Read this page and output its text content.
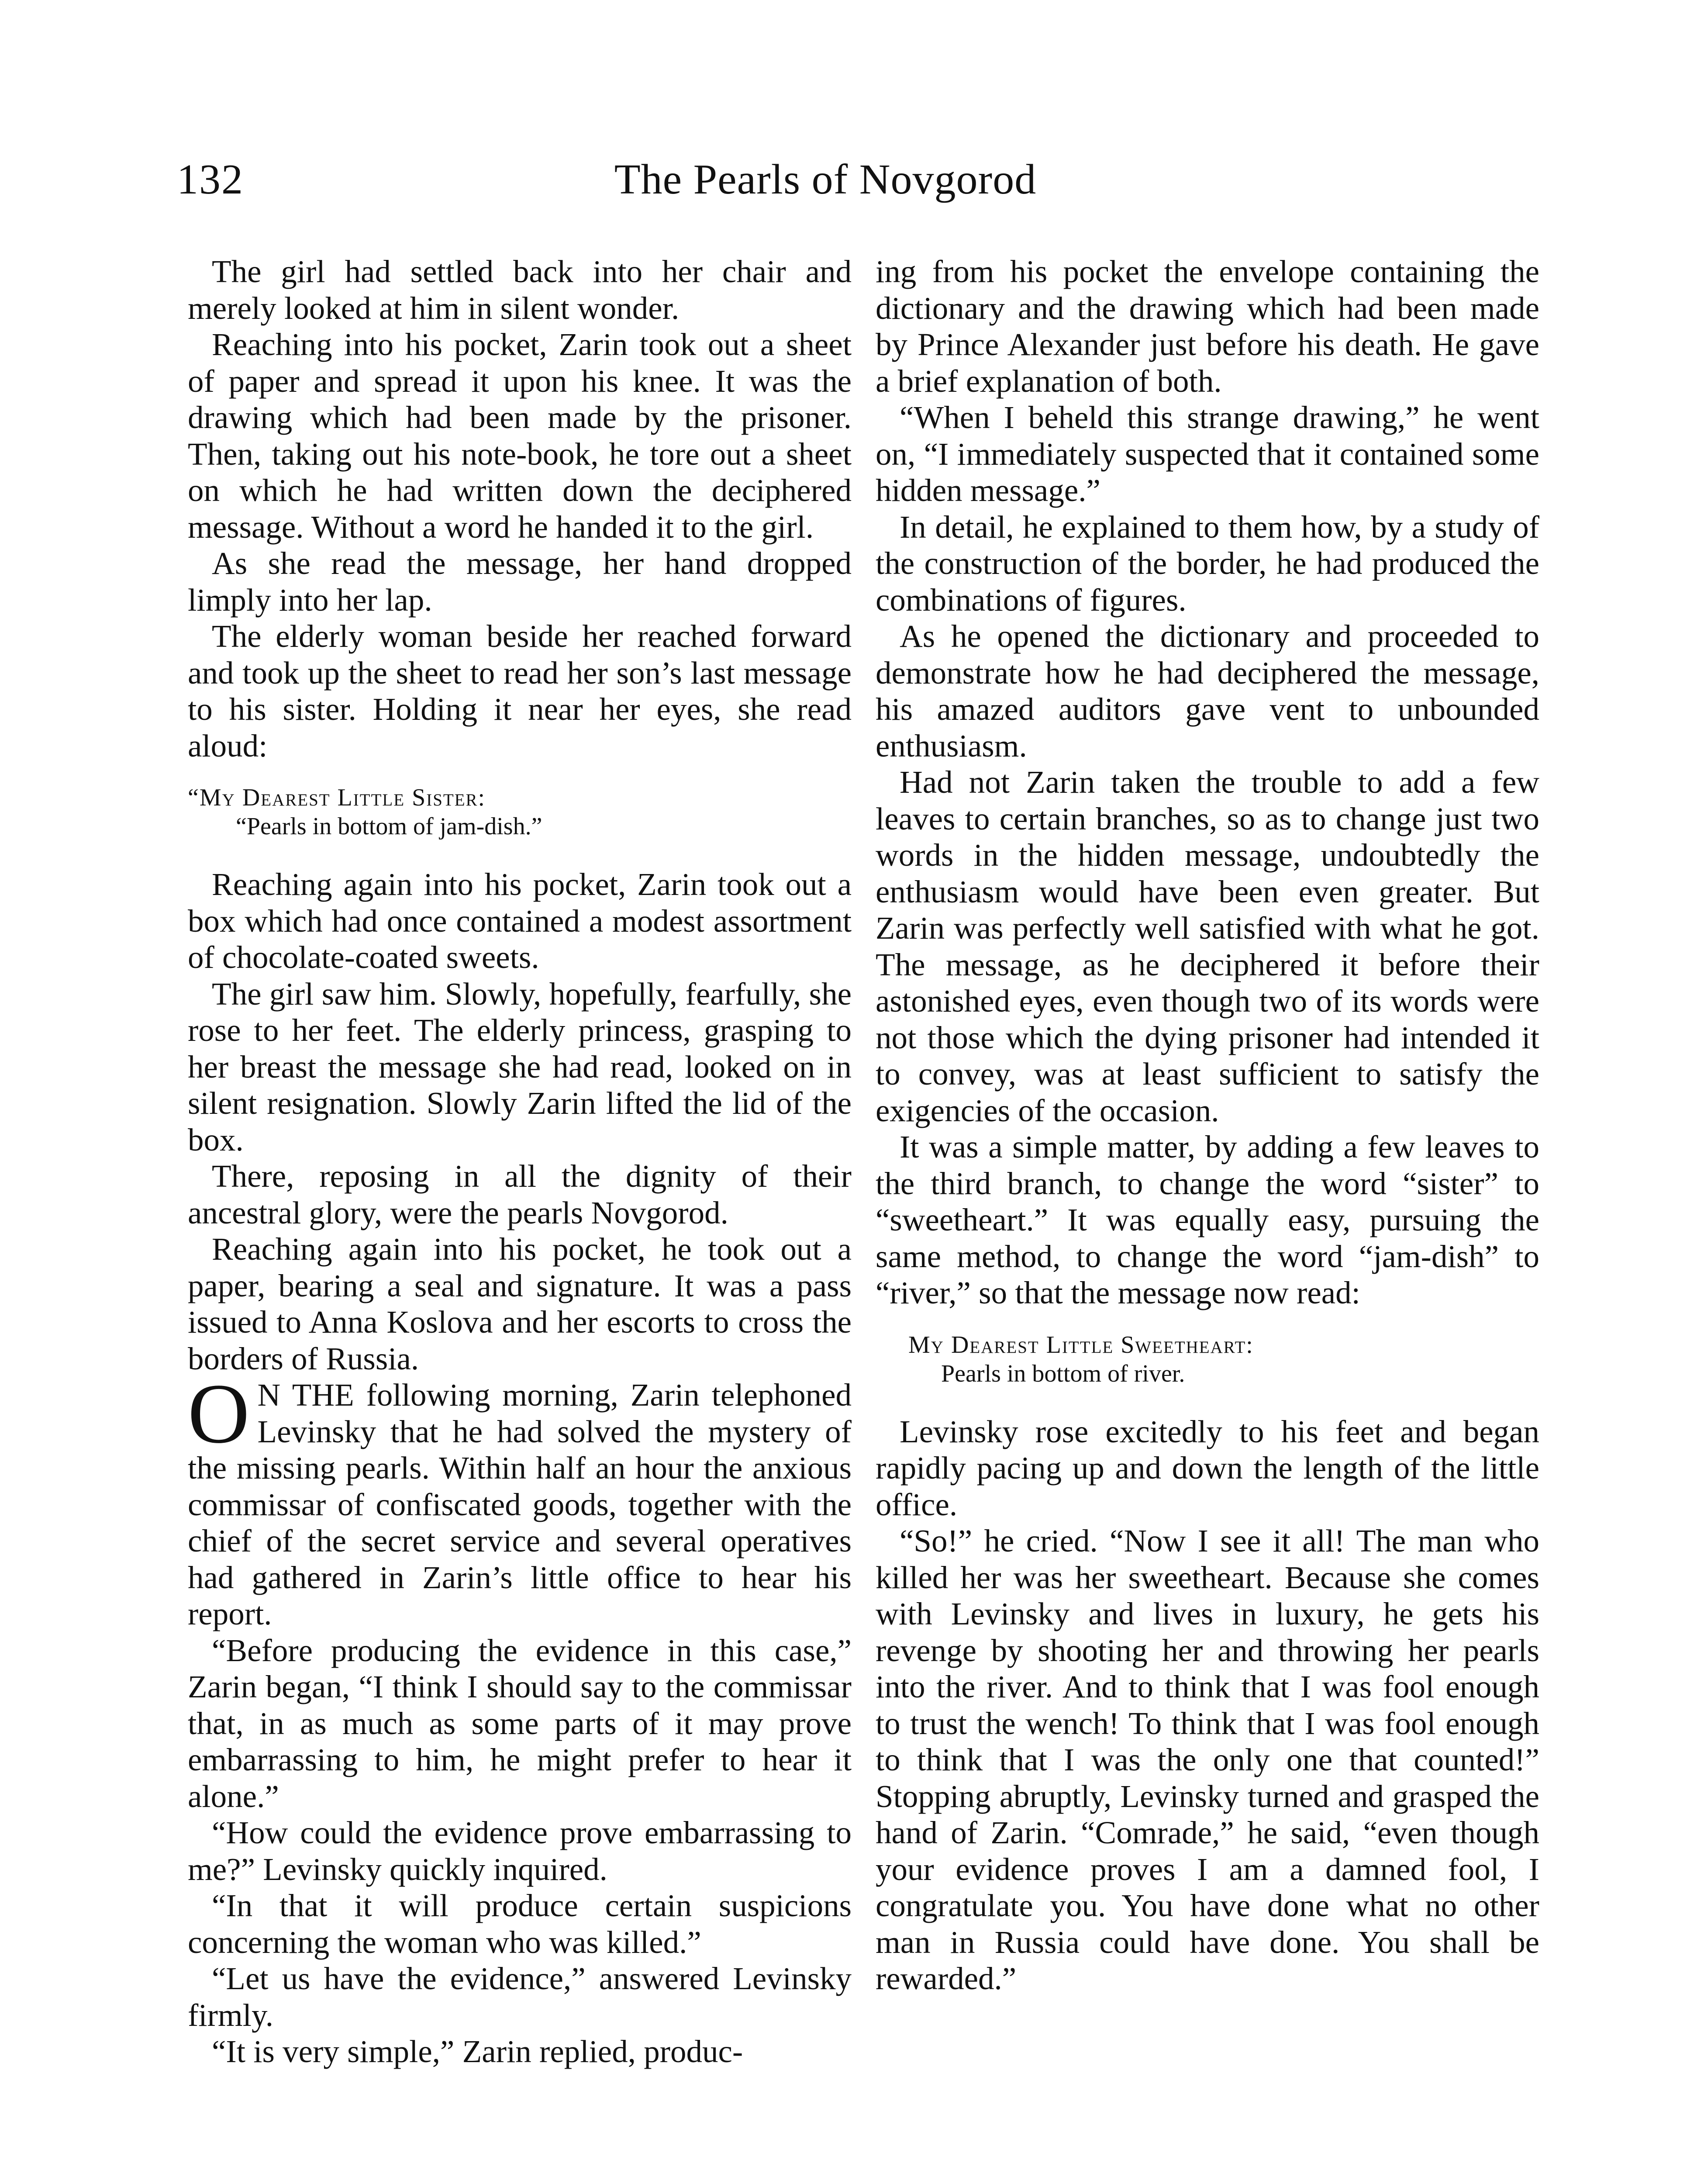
132	The Pearls of Novgorod

The girl had settled back into her chair and merely looked at him in silent wonder.

Reaching into his pocket, Zarin took out a sheet of paper and spread it upon his knee. It was the drawing which had been made by the prisoner. Then, taking out his note-book, he tore out a sheet on which he had written down the deciphered message. Without a word he handed it to the girl.

As she read the message, her hand dropped limply into her lap.

The elderly woman beside her reached forward and took up the sheet to read her son’s last message to his sister. Holding it near her eyes, she read aloud:

“My Dearest Little Sister:
“Pearls in bottom of jam-dish.”

Reaching again into his pocket, Zarin took out a box which had once contained a modest assortment of chocolate-coated sweets.

The girl saw him. Slowly, hopefully, fearfully, she rose to her feet. The elderly princess, grasping to her breast the message she had read, looked on in silent resignation. Slowly Zarin lifted the lid of the box.

There, reposing in all the dignity of their ancestral glory, were the pearls Novgorod.

Reaching again into his pocket, he took out a paper, bearing a seal and signature. It was a pass issued to Anna Koslova and her escorts to cross the borders of Russia.

O N THE following morning, Zarin telephoned Levinsky that he had solved the mystery of the missing pearls. Within half an hour the anxious commissar of confiscated goods, together with the chief of the secret service and several operatives had gathered in Zarin’s little office to hear his report.

“Before producing the evidence in this case,” Zarin began, “I think I should say to the commissar that, in as much as some parts of it may prove embarrassing to him, he might prefer to hear it alone.”

“How could the evidence prove embarrassing to me?” Levinsky quickly inquired.

“In that it will produce certain suspicions concerning the woman who was killed.”

“Let us have the evidence,” answered Levinsky firmly.

“It is very simple,” Zarin replied, produc-

ing from his pocket the envelope containing the dictionary and the drawing which had been made by Prince Alexander just before his death. He gave a brief explanation of both.

“When I beheld this strange drawing,” he went on, “I immediately suspected that it contained some hidden message.”

In detail, he explained to them how, by a study of the construction of the border, he had produced the combinations of figures.

As he opened the dictionary and proceeded to demonstrate how he had deciphered the message, his amazed auditors gave vent to unbounded enthusiasm.

Had not Zarin taken the trouble to add a few leaves to certain branches, so as to change just two words in the hidden message, undoubtedly the enthusiasm would have been even greater. But Zarin was perfectly well satisfied with what he got. The message, as he deciphered it before their astonished eyes, even though two of its words were not those which the dying prisoner had intended it to convey, was at least sufficient to satisfy the exigencies of the occasion.

It was a simple matter, by adding a few leaves to the third branch, to change the word “sister” to “sweetheart.” It was equally easy, pursuing the same method, to change the word “jam-dish” to “river,” so that the message now read:

My Dearest Little Sweetheart:
Pearls in bottom of river.

Levinsky rose excitedly to his feet and began rapidly pacing up and down the length of the little office.

“So!” he cried. “Now I see it all! The man who killed her was her sweetheart. Because she comes with Levinsky and lives in luxury, he gets his revenge by shooting her and throwing her pearls into the river. And to think that I was fool enough to trust the wench! To think that I was fool enough to think that I was the only one that counted!” Stopping abruptly, Levinsky turned and grasped the hand of Zarin. “Comrade,” he said, “even though your evidence proves I am a damned fool, I congratulate you. You have done what no other man in Russia could have done. You shall be rewarded.”
